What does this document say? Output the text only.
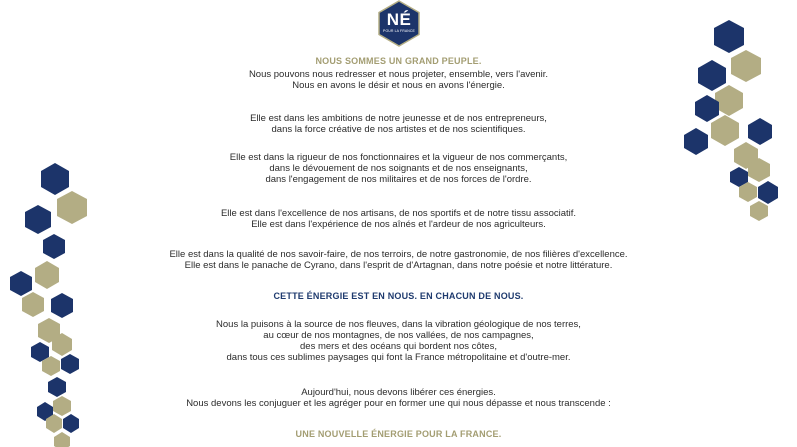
NÉ
POUR LA FRANCE
NOUS SOMMES UN GRAND PEUPLE.
Nous pouvons nous redresser et nous projeter, ensemble, vers l'avenir.
Nous en avons le désir et nous en avons l'énergie.
Elle est dans les ambitions de notre jeunesse et de nos entrepreneurs,
dans la force créative de nos artistes et de nos scientifiques.
Elle est dans la rigueur de nos fonctionnaires et la vigueur de nos commerçants,
dans le dévouement de nos soignants et de nos enseignants,
dans l'engagement de nos militaires et de nos forces de l'ordre.
Elle est dans l'excellence de nos artisans, de nos sportifs et de notre tissu associatif.
Elle est dans l'expérience de nos aînés et l'ardeur de nos agriculteurs.
Elle est dans la qualité de nos savoir-faire, de nos terroirs, de notre gastronomie, de nos filières d'excellence.
Elle est dans le panache de Cyrano, dans l'esprit de d'Artagnan, dans notre poésie et notre littérature.
CETTE ÉNERGIE EST EN NOUS. EN CHACUN DE NOUS.
Nous la puisons à la source de nos fleuves, dans la vibration géologique de nos terres,
au cœur de nos montagnes, de nos vallées, de nos campagnes,
des mers et des océans qui bordent nos côtes,
dans tous ces sublimes paysages qui font la France métropolitaine et d'outre-mer.
Aujourd'hui, nous devons libérer ces énergies.
Nous devons les conjuguer et les agréger pour en former une qui nous dépasse et nous transcende :
UNE NOUVELLE ÉNERGIE POUR LA FRANCE.
